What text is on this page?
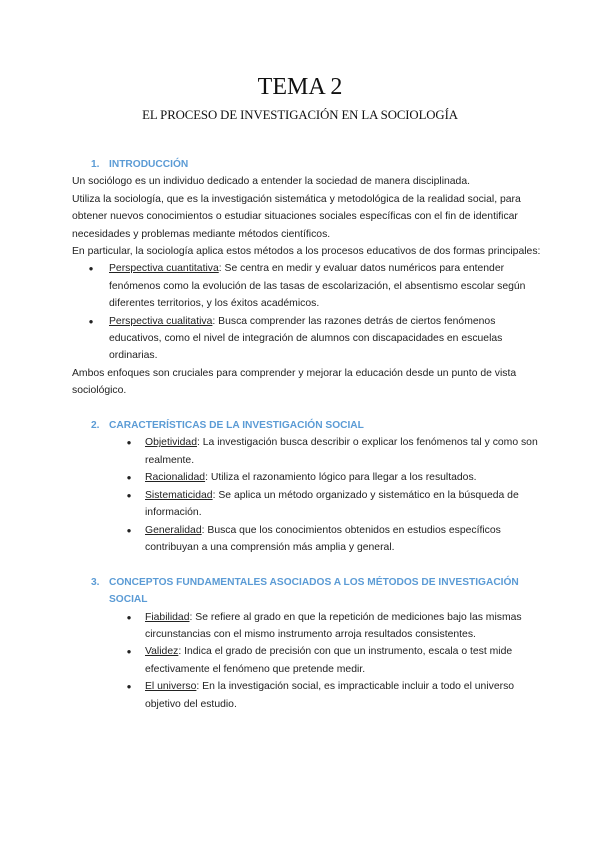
TEMA 2
EL PROCESO DE INVESTIGACIÓN EN LA SOCIOLOGÍA
1. INTRODUCCIÓN

Un sociólogo es un individuo dedicado a entender la sociedad de manera disciplinada.

Utiliza la sociología, que es la investigación sistemática y metodológica de la realidad social, para obtener nuevos conocimientos o estudiar situaciones sociales específicas con el fin de identificar necesidades y problemas mediante métodos científicos.

En particular, la sociología aplica estos métodos a los procesos educativos de dos formas principales:

● Perspectiva cuantitativa: Se centra en medir y evaluar datos numéricos para entender fenómenos como la evolución de las tasas de escolarización, el absentismo escolar según diferentes territorios, y los éxitos académicos.
● Perspectiva cualitativa: Busca comprender las razones detrás de ciertos fenómenos educativos, como el nivel de integración de alumnos con discapacidades en escuelas ordinarias.

Ambos enfoques son cruciales para comprender y mejorar la educación desde un punto de vista sociológico.

2. CARACTERÍSTICAS DE LA INVESTIGACIÓN SOCIAL
● Objetividad: La investigación busca describir o explicar los fenómenos tal y como son realmente.
● Racionalidad: Utiliza el razonamiento lógico para llegar a los resultados.
● Sistematicidad: Se aplica un método organizado y sistemático en la búsqueda de información.
● Generalidad: Busca que los conocimientos obtenidos en estudios específicos contribuyan a una comprensión más amplia y general.
3. CONCEPTOS FUNDAMENTALES ASOCIADOS A LOS MÉTODOS DE INVESTIGACIÓN SOCIAL
● Fiabilidad: Se refiere al grado en que la repetición de mediciones bajo las mismas circunstancias con el mismo instrumento arroja resultados consistentes.
● Validez: Indica el grado de precisión con que un instrumento, escala o test mide efectivamente el fenómeno que pretende medir.
● El universo: En la investigación social, es impracticable incluir a todo el universo objetivo del estudio.
